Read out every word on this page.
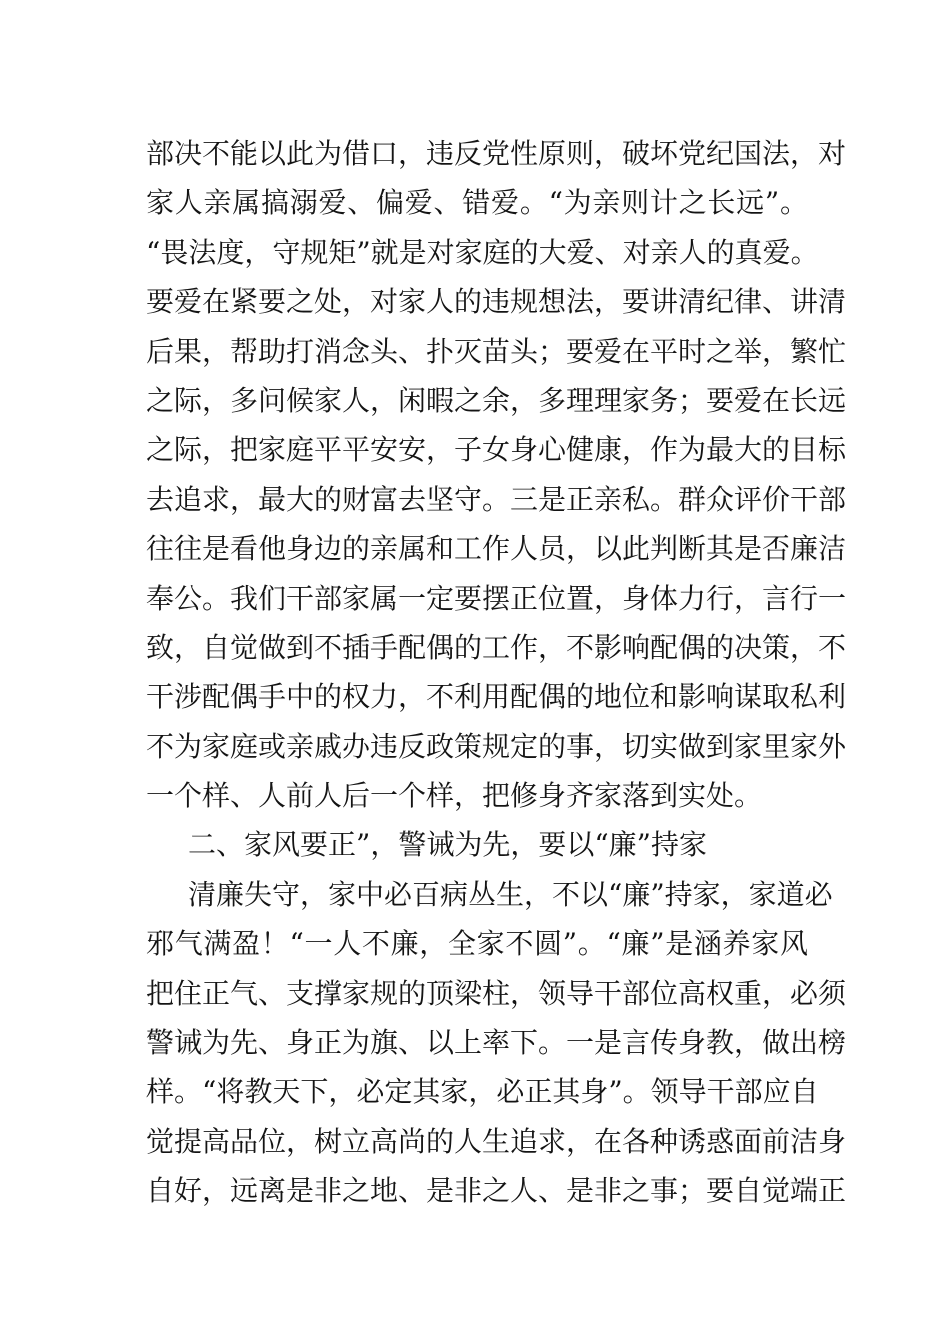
部决不能以此为借口，违反党性原则，破坏党纪国法，对
家人亲属搞溺爱、偏爱、错爱。“为亲则计之长远”。
“畏法度，守规矩”就是对家庭的大爱、对亲人的真爱。
要爱在紧要之处，对家人的违规想法，要讲清纪律、讲清
后果，帮助打消念头、扑灭苗头；要爱在平时之举，繁忙
之际，多问候家人，闲暇之余，多理理家务；要爱在长远
之际，把家庭平平安安，子女身心健康，作为最大的目标
去追求，最大的财富去坚守。三是正亲私。群众评价干部
往往是看他身边的亲属和工作人员，以此判断其是否廉洁
奉公。我们干部家属一定要摆正位置，身体力行，言行一
致，自觉做到不插手配偶的工作，不影响配偶的决策，不
干涉配偶手中的权力，不利用配偶的地位和影响谋取私利
不为家庭或亲戚办违反政策规定的事，切实做到家里家外
一个样、人前人后一个样，把修身齐家落到实处。
二、家风要正”，警诫为先，要以“廉”持家
清廉失守，家中必百病丛生，不以“廉”持家，家道必
邪气满盈！“一人不廉，全家不圆”。“廉”是涵养家风
把住正气、支撑家规的顶梁柱，领导干部位高权重，必须
警诫为先、身正为旗、以上率下。一是言传身教，做出榜
样。“将教天下，必定其家，必正其身”。领导干部应自
觉提高品位，树立高尚的人生追求，在各种诱惑面前洁身
自好，远离是非之地、是非之人、是非之事；要自觉端正
